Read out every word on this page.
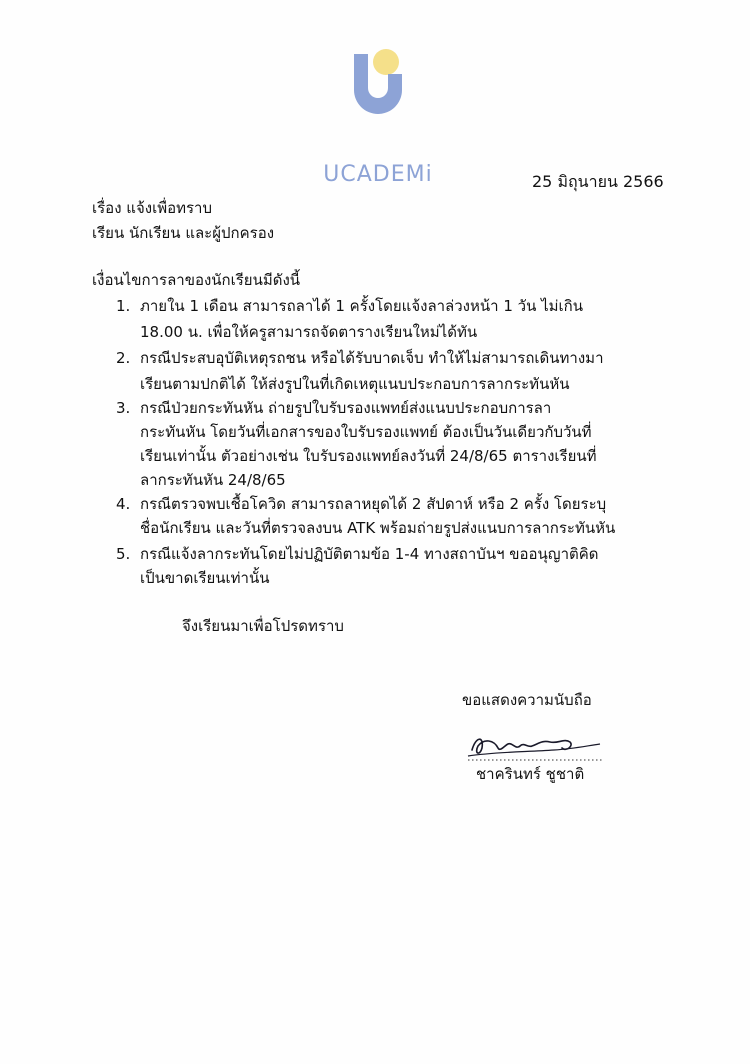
UCADEMi	25 มิถุนายน 2566
เรื่อง แจ้งเพื่อทราบ
เรียน นักเรียน และผู้ปกครอง
เงื่อนไขการลาของนักเรียนมีดังนี้
1. ภายใน 1 เดือน สามารถลาได้ 1 ครั้งโดยแจ้งลาล่วงหน้า 1 วัน ไม่เกิน
18.00 น. เพื่อให้ครูสามารถจัดตารางเรียนใหม่ได้ทัน
2. กรณีประสบอุบัติเหตุรถชน หรือได้รับบาดเจ็บ ทำให้ไม่สามารถเดินทางมา
เรียนตามปกติได้ ให้ส่งรูปในที่เกิดเหตุแนบประกอบการลากระทันหัน
3. กรณีป่วยกระทันหัน ถ่ายรูปใบรับรองแพทย์ส่งแนบประกอบการลา
กระทันหัน โดยวันที่เอกสารของใบรับรองแพทย์ ต้องเป็นวันเดียวกับวันที่
เรียนเท่านั้น ตัวอย่างเช่น ใบรับรองแพทย์ลงวันที่ 24/8/65 ตารางเรียนที่
ลากระทันหัน 24/8/65
4. กรณีตรวจพบเชื้อโควิด สามารถลาหยุดได้ 2 สัปดาห์ หรือ 2 ครั้ง โดยระบุ
ชื่อนักเรียน และวันที่ตรวจลงบน ATK พร้อมถ่ายรูปส่งแนบการลากระทันหัน
5. กรณีแจ้งลากระทันโดยไม่ปฏิบัติตามข้อ 1-4 ทางสถาบันฯ ขออนุญาติคิด
เป็นขาดเรียนเท่านั้น
จึงเรียนมาเพื่อโปรดทราบ
ขอแสดงความนับถือ
ชาครินทร์ ชูชาติ
